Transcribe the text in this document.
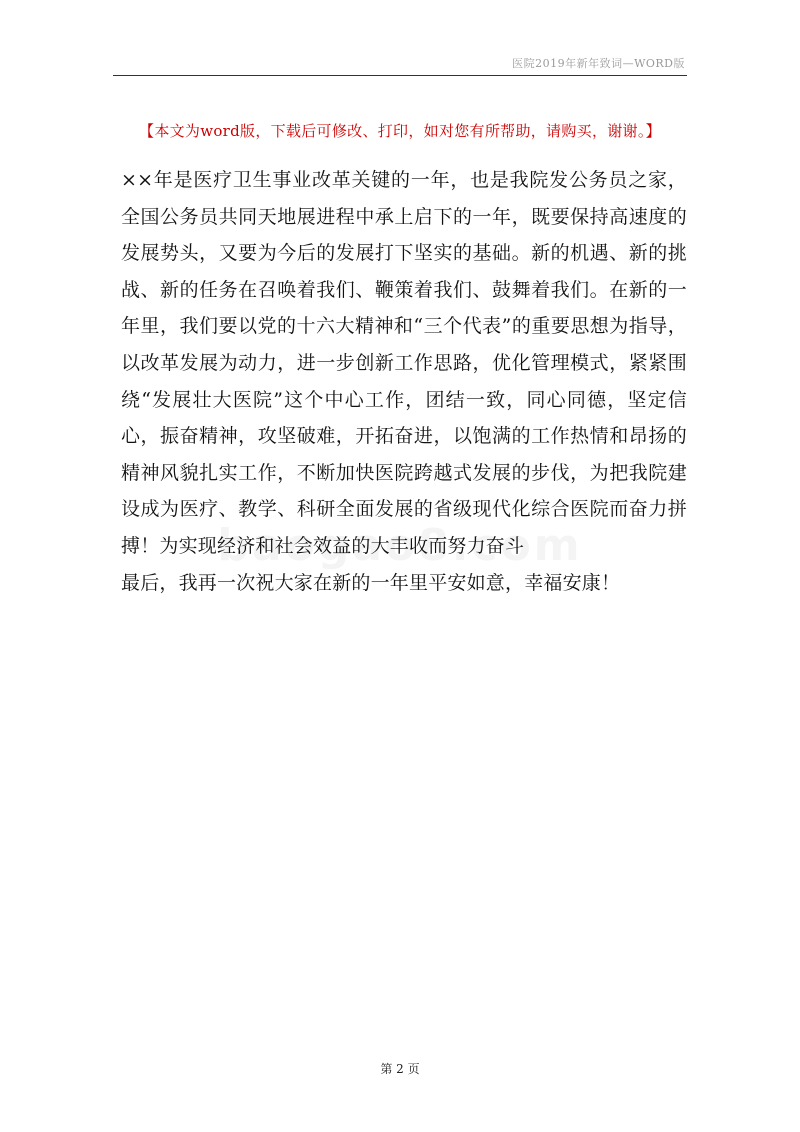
医院2019年新年致词—WORD版
【本文为word版，下载后可修改、打印，如对您有所帮助，请购买，谢谢。】

××年是医疗卫生事业改革关键的一年，也是我院发公务员之家，全国公务员共同天地展进程中承上启下的一年，既要保持高速度的发展势头，又要为今后的发展打下坚实的基础。新的机遇、新的挑战、新的任务在召唤着我们、鞭策着我们、鼓舞着我们。在新的一年里，我们要以党的十六大精神和“三个代表”的重要思想为指导，以改革发展为动力，进一步创新工作思路，优化管理模式，紧紧围绕“发展壮大医院”这个中心工作，团结一致，同心同德，坚定信心，振奋精神，攻坚破难，开拓奋进，以饱满的工作热情和昂扬的精神风貌扎实工作，不断加快医院跨越式发展的步伐，为把我院建设成为医疗、教学、科研全面发展的省级现代化综合医院而奋力拼搏！为实现经济和社会效益的大丰收而努力奋斗

最后，我再一次祝大家在新的一年里平安如意，幸福安康！

第 2 页
